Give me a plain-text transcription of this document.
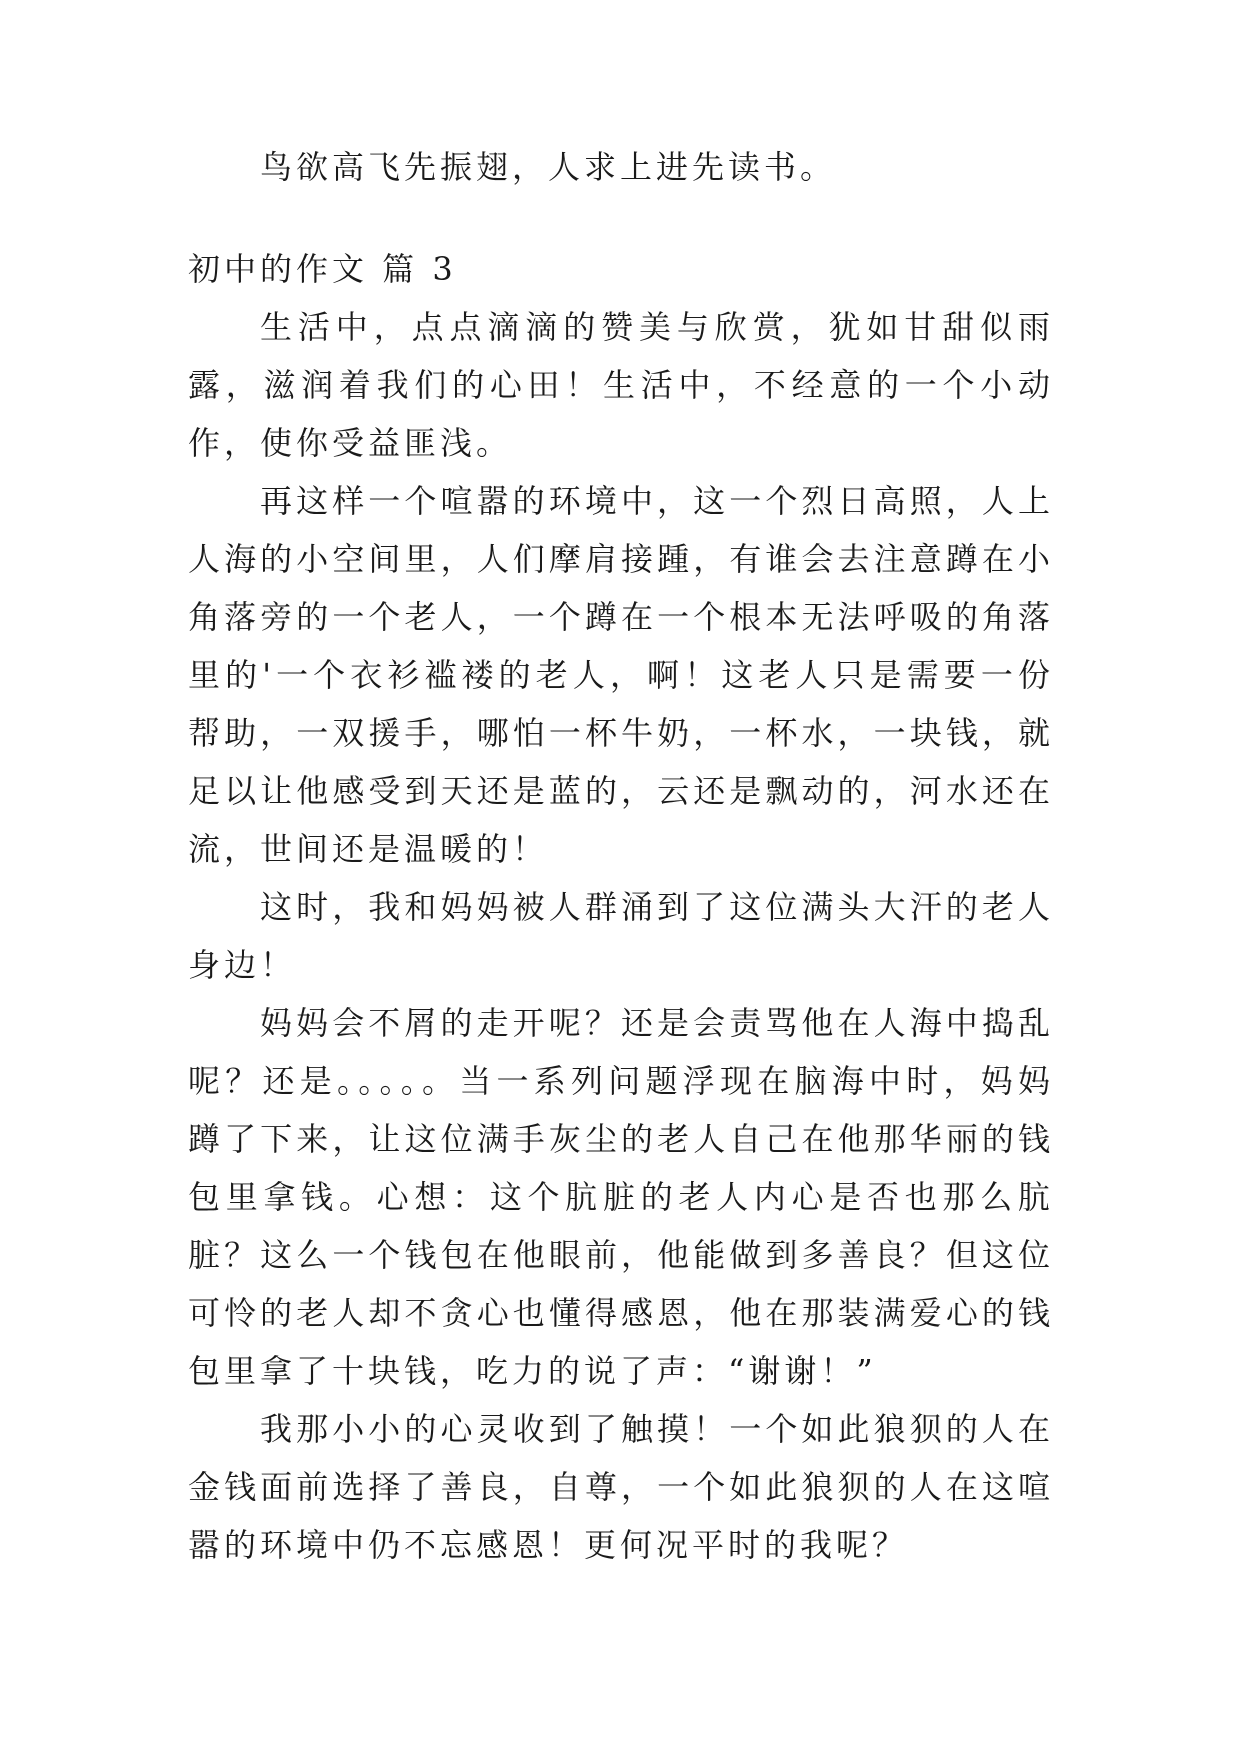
鸟欲高飞先振翅，人求上进先读书。

初中的作文 篇 3

生活中，点点滴滴的赞美与欣赏，犹如甘甜似雨露，滋润着我们的心田！生活中，不经意的一个小动作，使你受益匪浅。

再这样一个喧嚣的环境中，这一个烈日高照，人上人海的小空间里，人们摩肩接踵，有谁会去注意蹲在小角落旁的一个老人，一个蹲在一个根本无法呼吸的角落里的'一个衣衫褴褛的老人，啊！这老人只是需要一份帮助，一双援手，哪怕一杯牛奶，一杯水，一块钱，就足以让他感受到天还是蓝的，云还是飘动的，河水还在流，世间还是温暖的！

这时，我和妈妈被人群涌到了这位满头大汗的老人身边！

妈妈会不屑的走开呢？还是会责骂他在人海中捣乱呢？还是。。。。。当一系列问题浮现在脑海中时，妈妈蹲了下来，让这位满手灰尘的老人自己在他那华丽的钱包里拿钱。心想：这个肮脏的老人内心是否也那么肮脏？这么一个钱包在他眼前，他能做到多善良？但这位可怜的老人却不贪心也懂得感恩，他在那装满爱心的钱包里拿了十块钱，吃力的说了声：“谢谢！”

我那小小的心灵收到了触摸！一个如此狼狈的人在金钱面前选择了善良，自尊，一个如此狼狈的人在这喧嚣的环境中仍不忘感恩！更何况平时的我呢？
